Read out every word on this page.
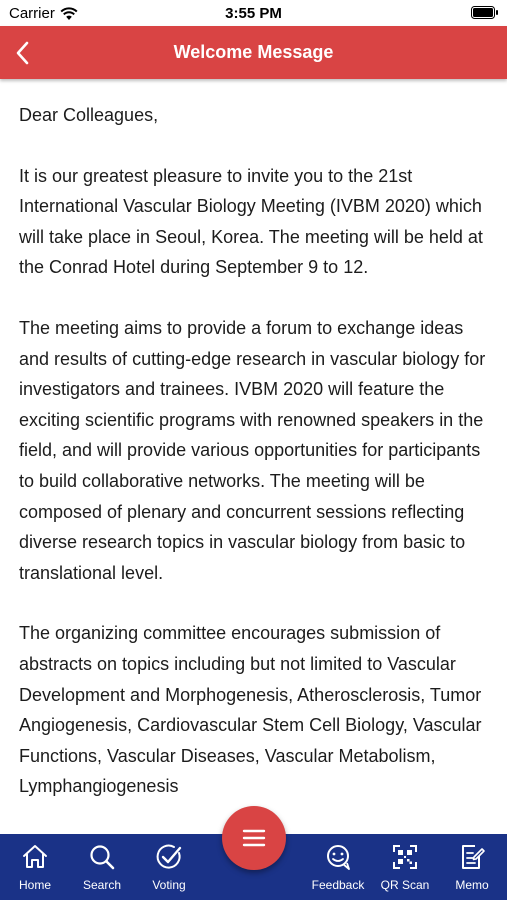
Carrier	3:55 PM
Welcome Message

Dear Colleagues,

It is our greatest pleasure to invite you to the 21st International Vascular Biology Meeting (IVBM 2020) which will take place in Seoul, Korea. The meeting will be held at the Conrad Hotel during September 9 to 12.

The meeting aims to provide a forum to exchange ideas and results of cutting-edge research in vascular biology for investigators and trainees. IVBM 2020 will feature the exciting scientific programs with renowned speakers in the field, and will provide various opportunities for participants to build collaborative networks. The meeting will be composed of plenary and concurrent sessions reflecting diverse research topics in vascular biology from basic to translational level.

The organizing committee encourages submission of abstracts on topics including but not limited to Vascular Development and Morphogenesis, Atherosclerosis, Tumor Angiogenesis, Cardiovascular Stem Cell Biology, Vascular Functions, Vascular Diseases, Vascular Metabolism, Lymphangiogenesis

Home	Search	Voting	Feedback QR Scan Memo
